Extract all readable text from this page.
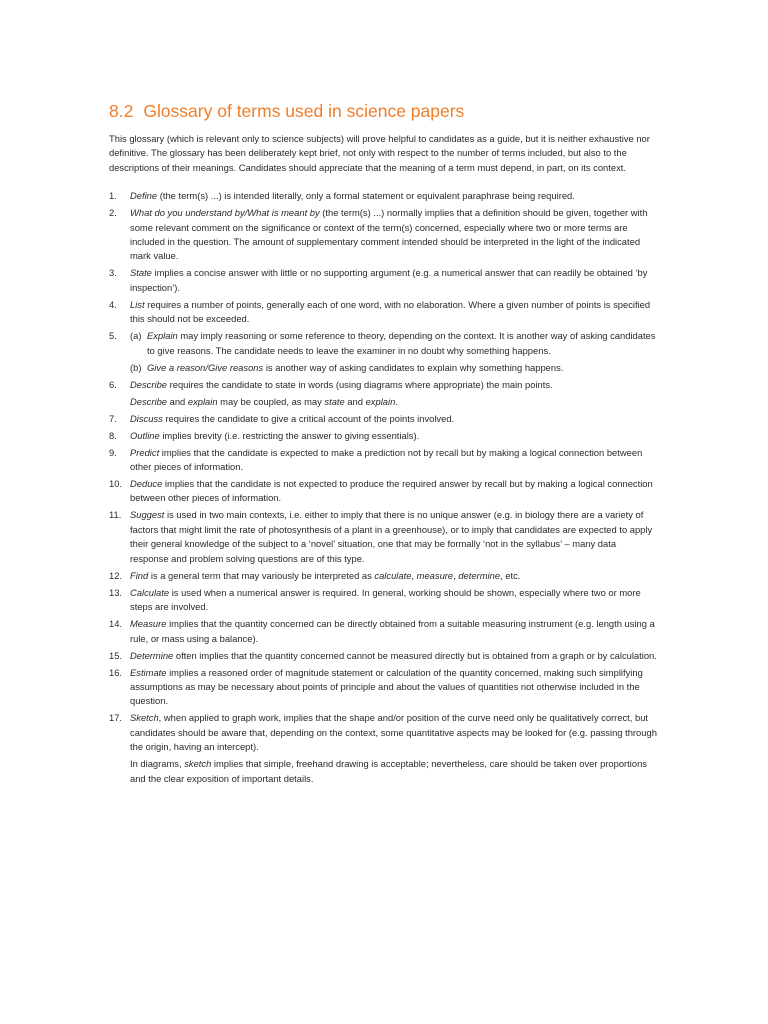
8.2 Glossary of terms used in science papers

This glossary (which is relevant only to science subjects) will prove helpful to candidates as a guide, but it is neither exhaustive nor definitive. The glossary has been deliberately kept brief, not only with respect to the number of terms included, but also to the descriptions of their meanings. Candidates should appreciate that the meaning of a term must depend, in part, on its context.

1.	Define (the term(s) ...) is intended literally, only a formal statement or equivalent paraphrase being required.
2.	What do you understand by/What is meant by (the term(s) ...) normally implies that a definition should be given, together with some relevant comment on the significance or context of the term(s) concerned, especially where two or more terms are included in the question. The amount of supplementary comment intended should be interpreted in the light of the indicated mark value.
3.	State implies a concise answer with little or no supporting argument (e.g. a numerical answer that can readily be obtained ‘by inspection’).
4.	List requires a number of points, generally each of one word, with no elaboration. Where a given number of points is specified this should not be exceeded.
5.	(a) Explain may imply reasoning or some reference to theory, depending on the context. It is another way of asking candidates to give reasons. The candidate needs to leave the examiner in no doubt why something happens.
(b) Give a reason/Give reasons is another way of asking candidates to explain why something happens.
6.	Describe requires the candidate to state in words (using diagrams where appropriate) the main points.
Describe and explain may be coupled, as may state and explain.
7.	Discuss requires the candidate to give a critical account of the points involved.
8.	Outline implies brevity (i.e. restricting the answer to giving essentials).
9.	Predict implies that the candidate is expected to make a prediction not by recall but by making a logical connection between other pieces of information.
10. Deduce implies that the candidate is not expected to produce the required answer by recall but by making a logical connection between other pieces of information.
11. Suggest is used in two main contexts, i.e. either to imply that there is no unique answer (e.g. in biology there are a variety of factors that might limit the rate of photosynthesis of a plant in a greenhouse), or to imply that candidates are expected to apply their general knowledge of the subject to a ‘novel’ situation, one that may be formally ‘not in the syllabus’ – many data response and problem solving questions are of this type.
12. Find is a general term that may variously be interpreted as calculate, measure, determine, etc.
13. Calculate is used when a numerical answer is required. In general, working should be shown, especially where two or more steps are involved.
14. Measure implies that the quantity concerned can be directly obtained from a suitable measuring instrument (e.g. length using a rule, or mass using a balance).
15. Determine often implies that the quantity concerned cannot be measured directly but is obtained from a graph or by calculation.
16. Estimate implies a reasoned order of magnitude statement or calculation of the quantity concerned, making such simplifying assumptions as may be necessary about points of principle and about the values of quantities not otherwise included in the question.
17. Sketch, when applied to graph work, implies that the shape and/or position of the curve need only be qualitatively correct, but candidates should be aware that, depending on the context, some quantitative aspects may be looked for (e.g. passing through the origin, having an intercept).
In diagrams, sketch implies that simple, freehand drawing is acceptable; nevertheless, care should be taken over proportions and the clear exposition of important details.
